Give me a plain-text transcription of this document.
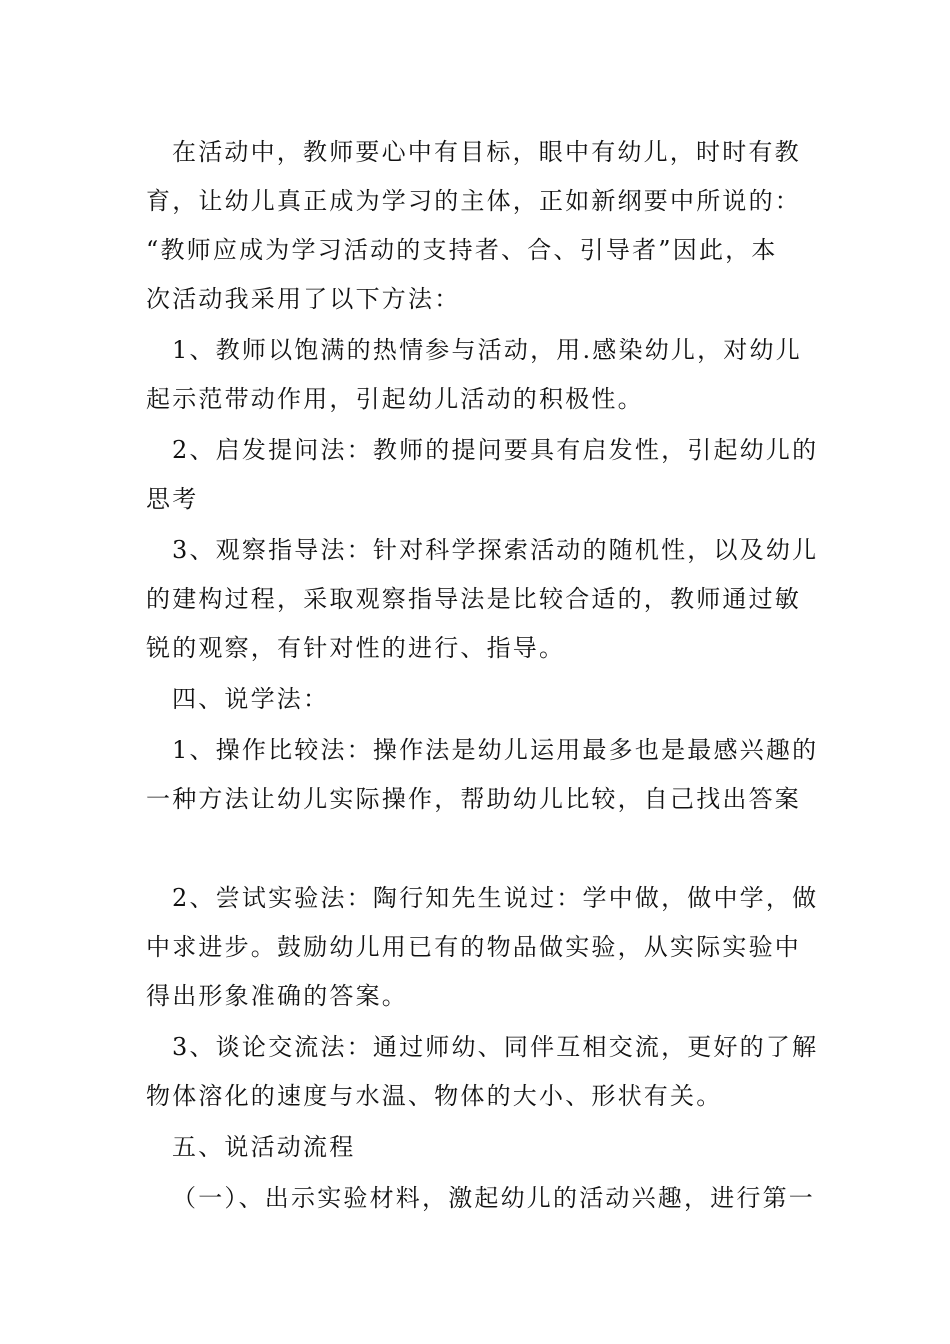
在活动中，教师要心中有目标，眼中有幼儿，时时有教
育，让幼儿真正成为学习的主体，正如新纲要中所说的：
“教师应成为学习活动的支持者、合、引导者”因此，本
次活动我采用了以下方法：
1、教师以饱满的热情参与活动，用.感染幼儿，对幼儿
起示范带动作用，引起幼儿活动的积极性。
2、启发提问法：教师的提问要具有启发性，引起幼儿的
思考
3、观察指导法：针对科学探索活动的随机性，以及幼儿
的建构过程，采取观察指导法是比较合适的，教师通过敏
锐的观察，有针对性的进行、指导。
四、说学法：
1、操作比较法：操作法是幼儿运用最多也是最感兴趣的
一种方法让幼儿实际操作，帮助幼儿比较，自己找出答案
2、尝试实验法：陶行知先生说过：学中做，做中学，做
中求进步。鼓励幼儿用已有的物品做实验，从实际实验中
得出形象准确的答案。
3、谈论交流法：通过师幼、同伴互相交流，更好的了解
物体溶化的速度与水温、物体的大小、形状有关。
五、说活动流程
（一）、出示实验材料，激起幼儿的活动兴趣，进行第一
